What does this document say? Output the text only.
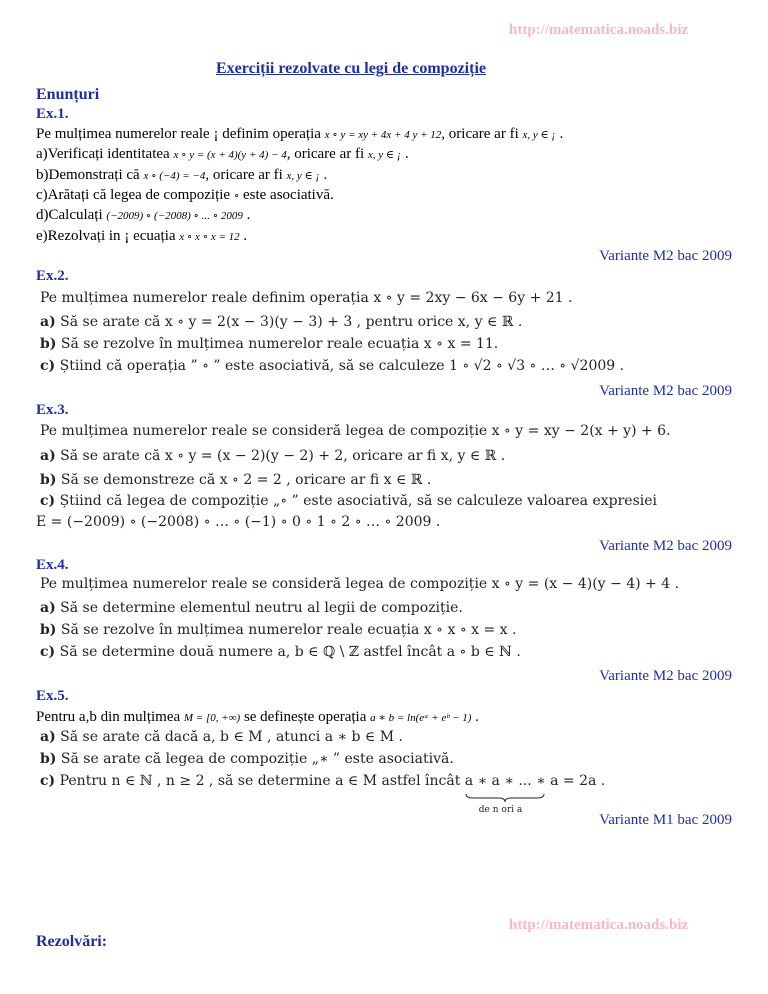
http://matematica.noads.biz
http://matematica.noads.biz
Exerciții rezolvate cu legi de compoziție
Enunțuri
Ex.1.
Pe mulțimea numerelor reale ¡ definim operația x ∘ y = xy + 4x + 4 y + 12, oricare ar fi x, y ∈ ¡ .
a)Verificați identitatea x ∘ y = (x + 4)(y + 4) − 4, oricare ar fi x, y ∈ ¡ .
b)Demonstrați că x ∘ (−4) = −4, oricare ar fi x, y ∈ ¡ .
c)Arătați că legea de compoziție ∘ este asociativă.
d)Calculați (−2009) ∘ (−2008) ∘ ... ∘ 2009 .
e)Rezolvați in ¡ ecuația x ∘ x ∘ x = 12 .
Variante M2 bac 2009
Ex.2.
Pe mulțimea numerelor reale definim operația x ∘ y = 2xy − 6x − 6y + 21 .
a) Să se arate că x ∘ y = 2(x − 3)(y − 3) + 3 , pentru orice x, y ∈ ℝ .
b) Să se rezolve în mulțimea numerelor reale ecuația x ∘ x = 11.
c) Știind că operația ” ∘ ” este asociativă, să se calculeze 1 ∘ √2 ∘ √3 ∘ … ∘ √2009 .
Variante M2 bac 2009
Ex.3.
Pe mulțimea numerelor reale se consideră legea de compoziție x ∘ y = xy − 2(x + y) + 6.
a) Să se arate că x ∘ y = (x − 2)(y − 2) + 2, oricare ar fi x, y ∈ ℝ .
b) Să se demonstreze că x ∘ 2 = 2 , oricare ar fi x ∈ ℝ .
c) Știind că legea de compoziție „∘ ” este asociativă, să se calculeze valoarea expresiei
E = (−2009) ∘ (−2008) ∘ … ∘ (−1) ∘ 0 ∘ 1 ∘ 2 ∘ … ∘ 2009 .
Variante M2 bac 2009
Ex.4.
Pe mulțimea numerelor reale se consideră legea de compoziție x ∘ y = (x − 4)(y − 4) + 4 .
a) Să se determine elementul neutru al legii de compoziție.
b) Să se rezolve în mulțimea numerelor reale ecuația x ∘ x ∘ x = x .
c) Să se determine două numere a, b ∈ ℚ \ ℤ astfel încât a ∘ b ∈ ℕ .
Variante M2 bac 2009
Ex.5.
Pentru a,b din mulțimea M = [0, +∞) se definește operația a ∗ b = ln(eᵃ + eᵇ − 1) .
a) Să se arate că dacă a, b ∈ M , atunci a ∗ b ∈ M .
b) Să se arate că legea de compoziție „∗ ” este asociativă.
c) Pentru n ∈ ℕ , n ≥ 2 , să se determine a ∈ M astfel încât a ∗ a ∗ ... ∗ a = 2a .
de n ori a
Variante M1 bac 2009
Rezolvări:
